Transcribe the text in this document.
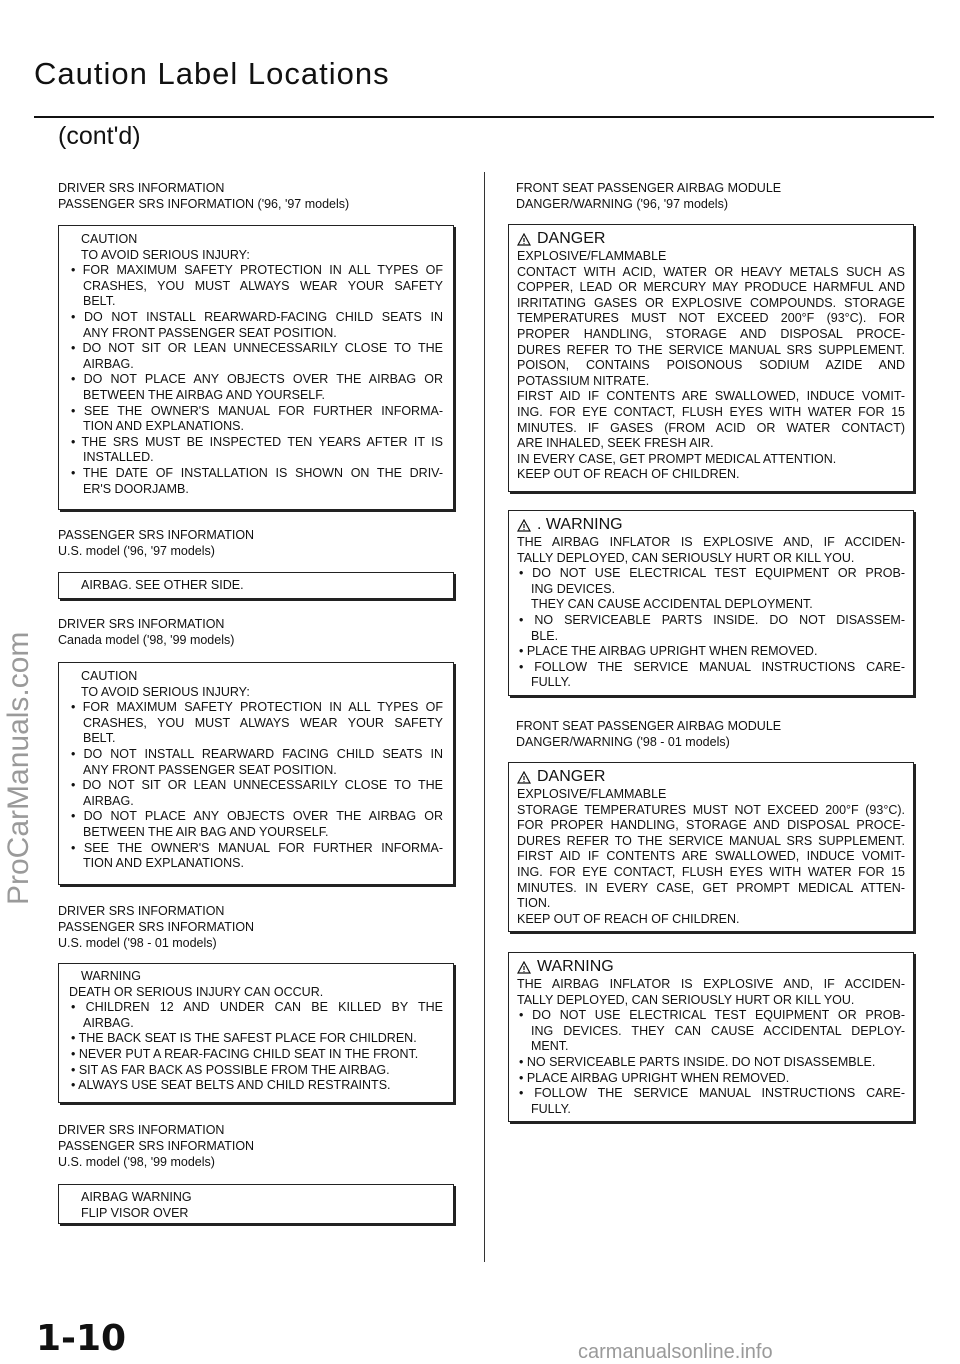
Caution Label Locations
(cont'd)
DRIVER SRS INFORMATION
PASSENGER SRS INFORMATION ('96, '97 models)
CAUTION
TO AVOID SERIOUS INJURY:
• FOR MAXIMUM SAFETY PROTECTION IN ALL TYPES OF
CRASHES, YOU MUST ALWAYS WEAR YOUR SAFETY
BELT.
• DO NOT INSTALL REARWARD-FACING CHILD SEATS IN
ANY FRONT PASSENGER SEAT POSITION.
• DO NOT SIT OR LEAN UNNECESSARILY CLOSE TO THE
AIRBAG.
• DO NOT PLACE ANY OBJECTS OVER THE AIRBAG OR
BETWEEN THE AIRBAG AND YOURSELF.
• SEE THE OWNER'S MANUAL FOR FURTHER INFORMA-
TION AND EXPLANATIONS.
• THE SRS MUST BE INSPECTED TEN YEARS AFTER IT IS
INSTALLED.
• THE DATE OF INSTALLATION IS SHOWN ON THE DRIV-
ER'S DOORJAMB.
PASSENGER SRS INFORMATION
U.S. model ('96, '97 models)
AIRBAG. SEE OTHER SIDE.
DRIVER SRS INFORMATION
Canada model ('98, '99 models)
CAUTION
TO AVOID SERIOUS INJURY:
• FOR MAXIMUM SAFETY PROTECTION IN ALL TYPES OF
CRASHES, YOU MUST ALWAYS WEAR YOUR SAFETY
BELT.
• DO NOT INSTALL REARWARD FACING CHILD SEATS IN
ANY FRONT PASSENGER SEAT POSITION.
• DO NOT SIT OR LEAN UNNECESSARILY CLOSE TO THE
AIRBAG.
• DO NOT PLACE ANY OBJECTS OVER THE AIRBAG OR
BETWEEN THE AIR BAG AND YOURSELF.
• SEE THE OWNER'S MANUAL FOR FURTHER INFORMA-
TION AND EXPLANATIONS.
DRIVER SRS INFORMATION
PASSENGER SRS INFORMATION
U.S. model ('98 - 01 models)
WARNING
DEATH OR SERIOUS INJURY CAN OCCUR.
• CHILDREN 12 AND UNDER CAN BE KILLED BY THE
AIRBAG.
• THE BACK SEAT IS THE SAFEST PLACE FOR CHILDREN.
• NEVER PUT A REAR-FACING CHILD SEAT IN THE FRONT.
• SIT AS FAR BACK AS POSSIBLE FROM THE AIRBAG.
• ALWAYS USE SEAT BELTS AND CHILD RESTRAINTS.
DRIVER SRS INFORMATION
PASSENGER SRS INFORMATION
U.S. model ('98, '99 models)
AIRBAG WARNING
FLIP VISOR OVER
FRONT SEAT PASSENGER AIRBAG MODULE
DANGER/WARNING ('96, '97 models)
DANGER
EXPLOSIVE/FLAMMABLE
CONTACT WITH ACID, WATER OR HEAVY METALS SUCH AS
COPPER, LEAD OR MERCURY MAY PRODUCE HARMFUL AND
IRRITATING GASES OR EXPLOSIVE COMPOUNDS. STORAGE
TEMPERATURES MUST NOT EXCEED 200°F (93°C). FOR
PROPER HANDLING, STORAGE AND DISPOSAL PROCE-
DURES REFER TO THE SERVICE MANUAL SRS SUPPLEMENT.
POISON, CONTAINS POISONOUS SODIUM AZIDE AND
POTASSIUM NITRATE.
FIRST AID IF CONTENTS ARE SWALLOWED, INDUCE VOMIT-
ING. FOR EYE CONTACT, FLUSH EYES WITH WATER FOR 15
MINUTES. IF GASES (FROM ACID OR WATER CONTACT)
ARE INHALED, SEEK FRESH AIR.
IN EVERY CASE, GET PROMPT MEDICAL ATTENTION.
KEEP OUT OF REACH OF CHILDREN.
. WARNING
THE AIRBAG INFLATOR IS EXPLOSIVE AND, IF ACCIDEN-
TALLY DEPLOYED, CAN SERIOUSLY HURT OR KILL YOU.
• DO NOT USE ELECTRICAL TEST EQUIPMENT OR PROB-
ING DEVICES.
THEY CAN CAUSE ACCIDENTAL DEPLOYMENT.
• NO SERVICEABLE PARTS INSIDE. DO NOT DISASSEM-
BLE.
• PLACE THE AIRBAG UPRIGHT WHEN REMOVED.
• FOLLOW THE SERVICE MANUAL INSTRUCTIONS CARE-
FULLY.
FRONT SEAT PASSENGER AIRBAG MODULE
DANGER/WARNING ('98 - 01 models)
DANGER
EXPLOSIVE/FLAMMABLE
STORAGE TEMPERATURES MUST NOT EXCEED 200°F (93°C).
FOR PROPER HANDLING, STORAGE AND DISPOSAL PROCE-
DURES REFER TO THE SERVICE MANUAL SRS SUPPLEMENT.
FIRST AID IF CONTENTS ARE SWALLOWED, INDUCE VOMIT-
ING. FOR EYE CONTACT, FLUSH EYES WITH WATER FOR 15
MINUTES. IN EVERY CASE, GET PROMPT MEDICAL ATTEN-
TION.
KEEP OUT OF REACH OF CHILDREN.
WARNING
THE AIRBAG INFLATOR IS EXPLOSIVE AND, IF ACCIDEN-
TALLY DEPLOYED, CAN SERIOUSLY HURT OR KILL YOU.
• DO NOT USE ELECTRICAL TEST EQUIPMENT OR PROB-
ING DEVICES. THEY CAN CAUSE ACCIDENTAL DEPLOY-
MENT.
• NO SERVICEABLE PARTS INSIDE. DO NOT DISASSEMBLE.
• PLACE AIRBAG UPRIGHT WHEN REMOVED.
• FOLLOW THE SERVICE MANUAL INSTRUCTIONS CARE-
FULLY.
ProCarManuals.com
1-10	carmanualsonline.info
